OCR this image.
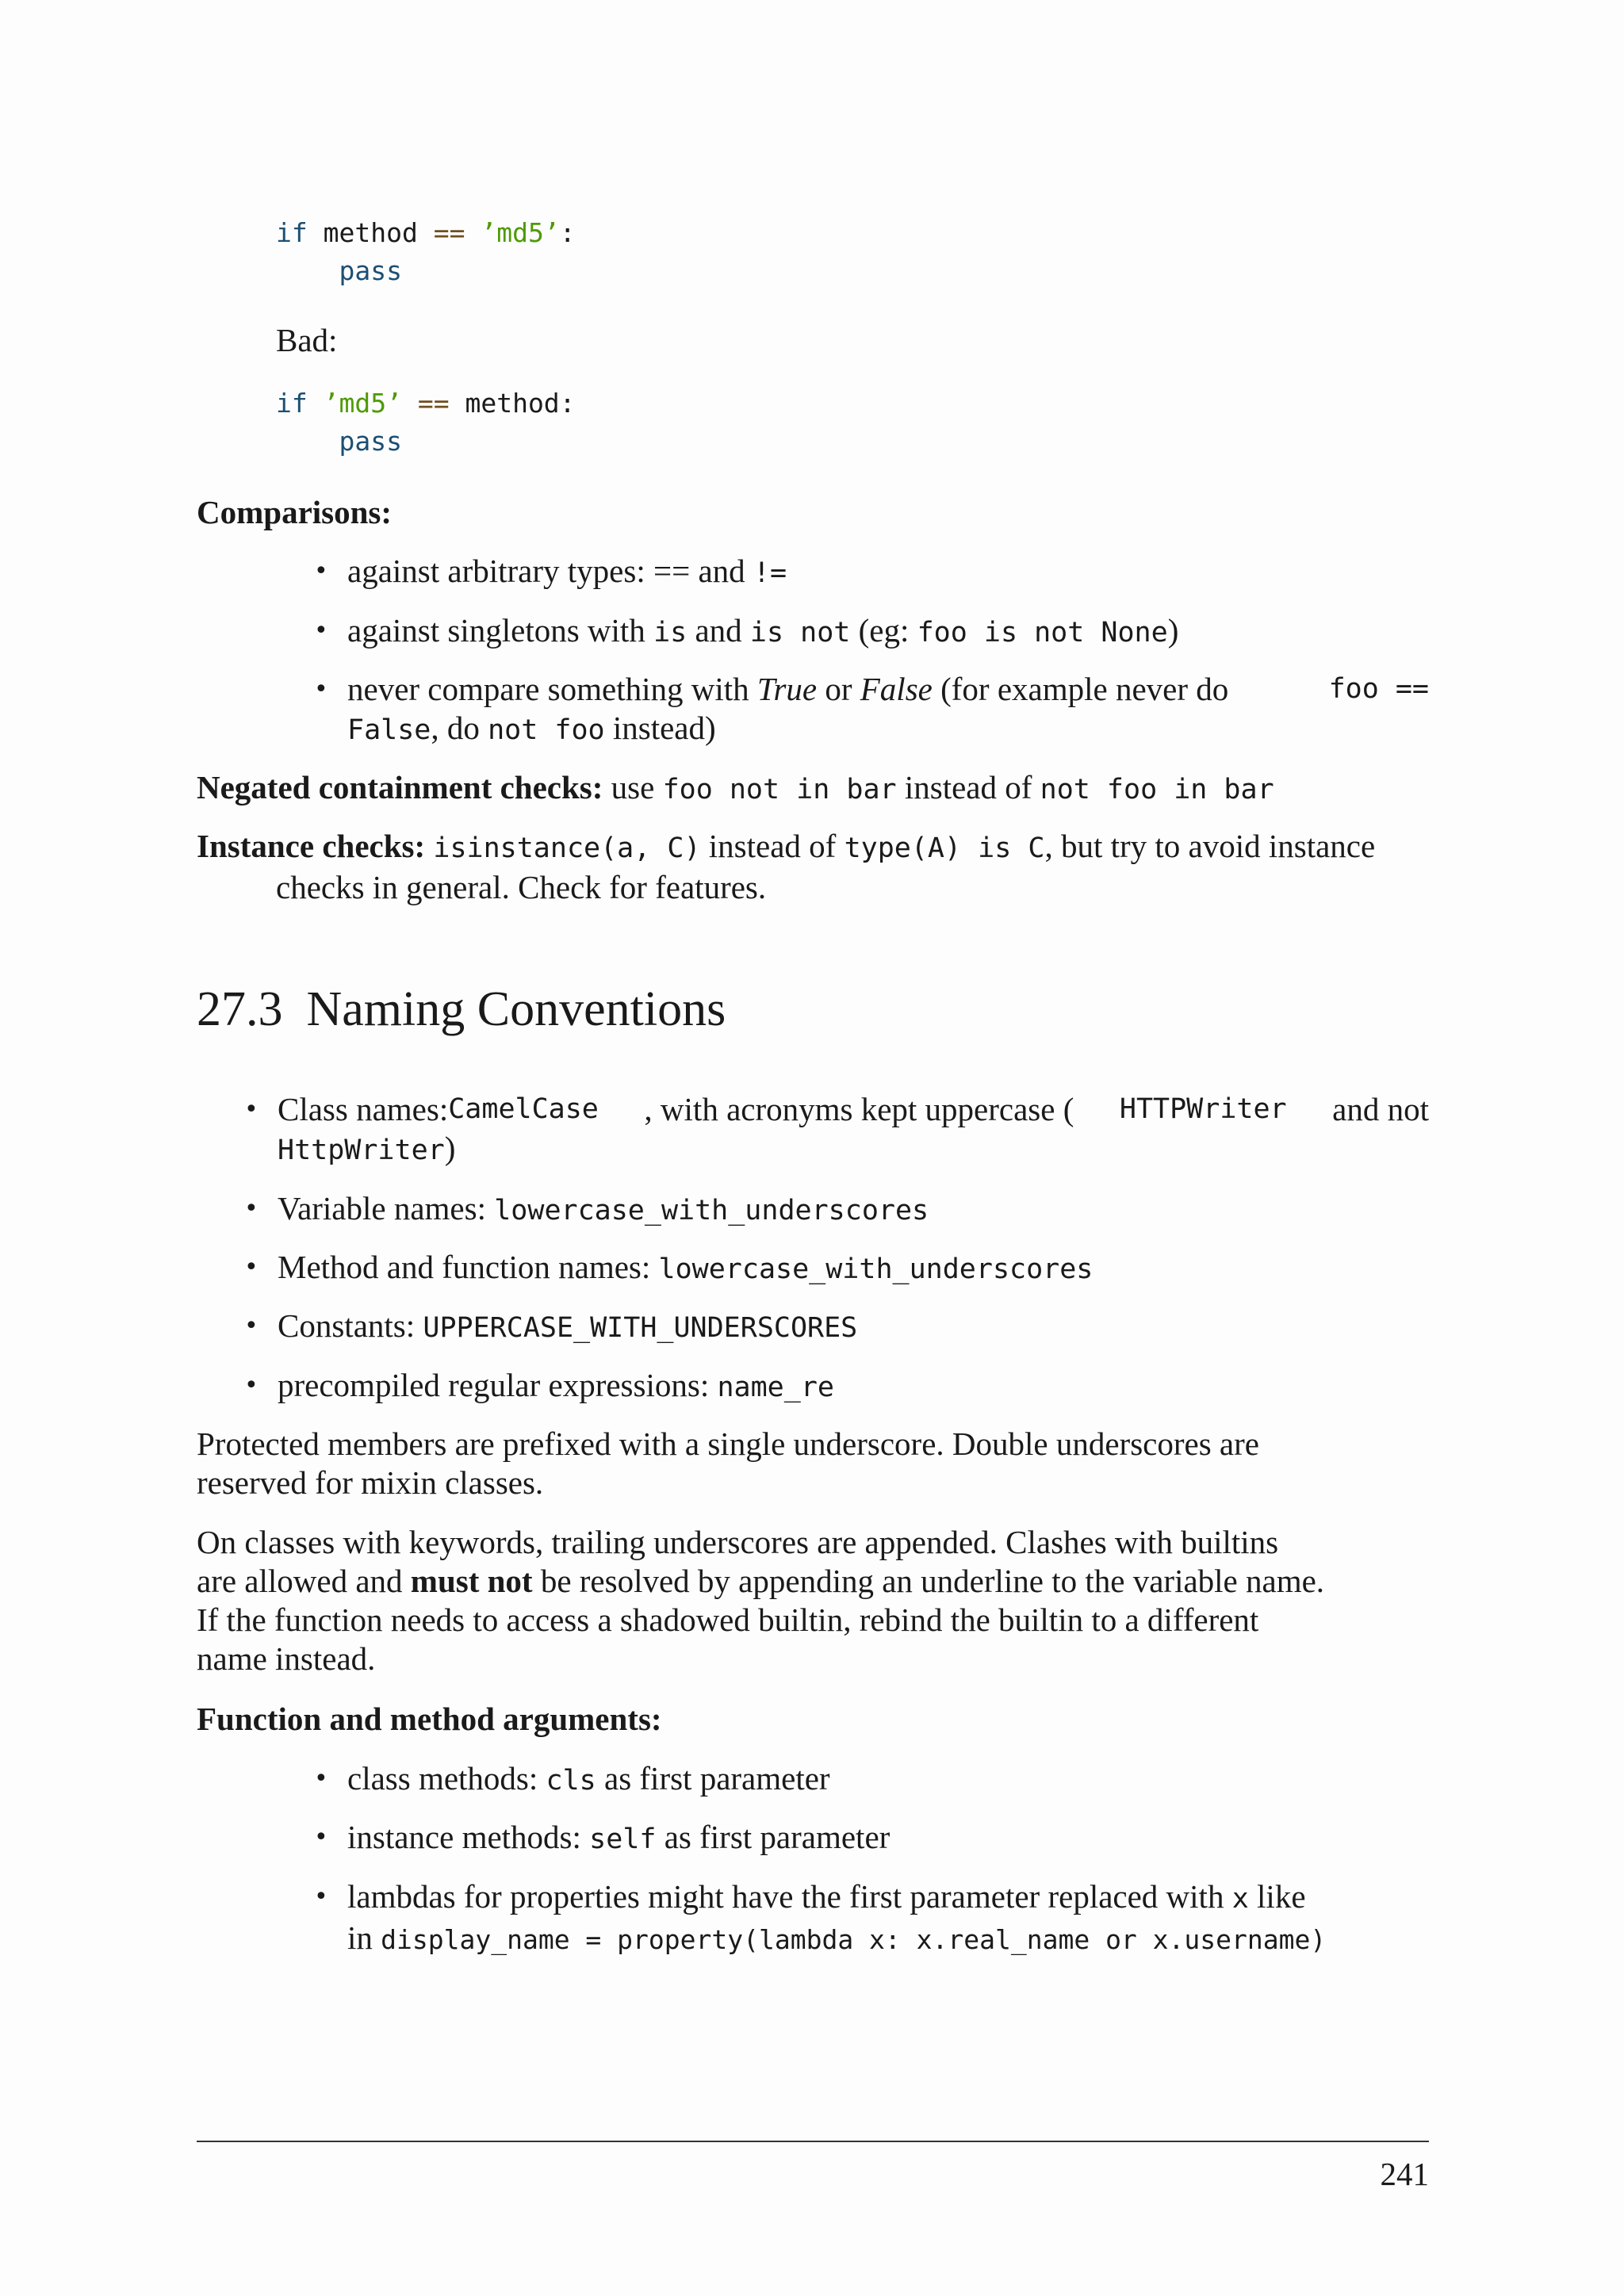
if method == ’md5’:
pass
Bad:
if ’md5’ == method:
pass
Comparisons:
• against arbitrary types: == and !=
• against singletons with is and is not (eg: foo is not None)
• never compare something with True or False (for example never do	foo ==
False, do not foo instead)
Negated containment checks: use foo not in bar instead of not foo in bar
Instance checks: isinstance(a, C) instead of type(A) is C, but try to avoid instance
checks in general. Check for features.
27.3 Naming Conventions
• Class names: CamelCase , with acronyms kept uppercase ( HTTPWriter and not
HttpWriter)
• Variable names: lowercase_with_underscores
• Method and function names: lowercase_with_underscores
• Constants: UPPERCASE_WITH_UNDERSCORES
• precompiled regular expressions: name_re
Protected members are prefixed with a single underscore. Double underscores are
reserved for mixin classes.
On classes with keywords, trailing underscores are appended. Clashes with builtins
are allowed and must not be resolved by appending an underline to the variable name.
If the function needs to access a shadowed builtin, rebind the builtin to a different
name instead.
Function and method arguments:
• class methods: cls as first parameter
• instance methods: self as first parameter
• lambdas for properties might have the first parameter replaced with x like
in display_name = property(lambda x: x.real_name or x.username)
241
